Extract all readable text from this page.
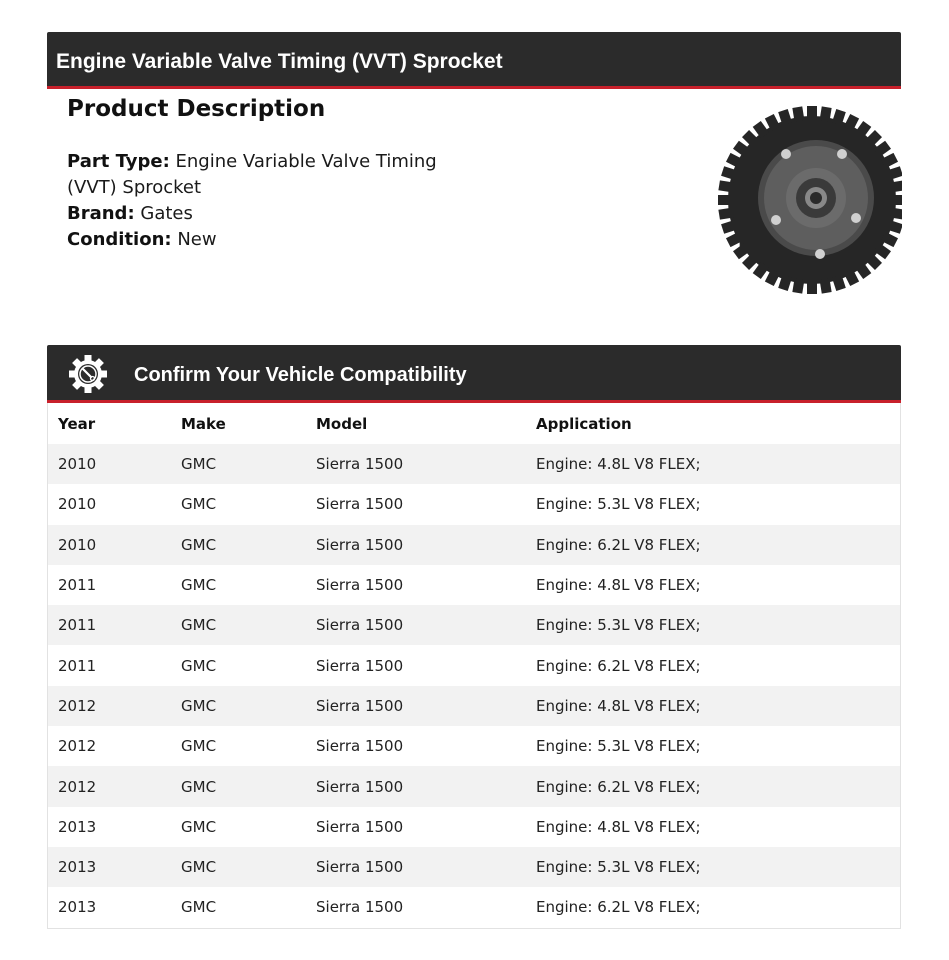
Engine Variable Valve Timing (VVT) Sprocket
Product Description
Part Type: Engine Variable Valve Timing (VVT) Sprocket
Brand: Gates
Condition: New
Confirm Your Vehicle Compatibility
Year	Make	Model	Application
2010	GMC	Sierra 1500	Engine: 4.8L V8 FLEX;
2010	GMC	Sierra 1500	Engine: 5.3L V8 FLEX;
2010	GMC	Sierra 1500	Engine: 6.2L V8 FLEX;
2011	GMC	Sierra 1500	Engine: 4.8L V8 FLEX;
2011	GMC	Sierra 1500	Engine: 5.3L V8 FLEX;
2011	GMC	Sierra 1500	Engine: 6.2L V8 FLEX;
2012	GMC	Sierra 1500	Engine: 4.8L V8 FLEX;
2012	GMC	Sierra 1500	Engine: 5.3L V8 FLEX;
2012	GMC	Sierra 1500	Engine: 6.2L V8 FLEX;
2013	GMC	Sierra 1500	Engine: 4.8L V8 FLEX;
2013	GMC	Sierra 1500	Engine: 5.3L V8 FLEX;
2013	GMC	Sierra 1500	Engine: 6.2L V8 FLEX;
